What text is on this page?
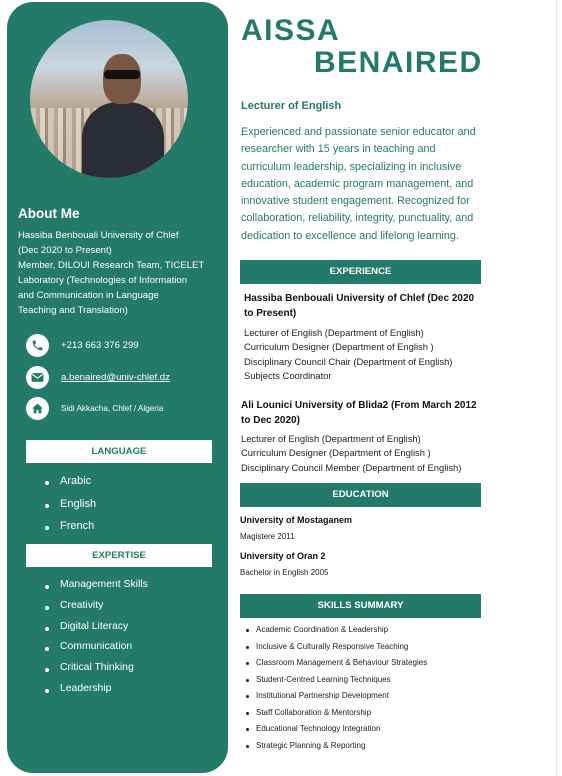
About Me
Hassiba Benbouali University of Chlef
(Dec 2020 to Present)
Member, DILOUI Research Team, TICELET
Laboratory (Technologies of Information
and Communication in Language
Teaching and Translation)
+213 663 376 299
a.benaired@univ-chlef.dz
Sidi Akkacha, Chlef / Algeria
LANGUAGE
Arabic
English
French
EXPERTISE
Management Skills
Creativity
Digital Literacy
Communication
Critical Thinking
Leadership
AISSA
BENAIRED
Lecturer of English
Experienced and passionate senior educator and
researcher with 15 years in teaching and
curriculum leadership, specializing in inclusive
education, academic program management, and
innovative student engagement. Recognized for
collaboration, reliability, integrity, punctuality, and
dedication to excellence and lifelong learning.
EXPERIENCE
Hassiba Benbouali University of Chlef (Dec 2020
to Present)
Lecturer of English (Department of English)
Curriculum Designer (Department of English )
Disciplinary Council Chair (Department of English)
Subjects Coordinator
Ali Lounici University of Blida2 (From March 2012
to Dec 2020)
Lecturer of English (Department of English)
Curriculum Designer (Department of English )
Disciplinary Council Member (Department of English)
EDUCATION
University of Mostaganem
Magistere 2011
University of Oran 2
Bachelor in English 2005
SKILLS SUMMARY
Academic Coordination & Leadership
Inclusive & Culturally Responsive Teaching
Classroom Management & Behaviour Strategies
Student-Centred Learning Techniques
Institutional Partnership Development
Staff Collaboration & Mentorship
Educational Technology Integration
Strategic Planning & Reporting
